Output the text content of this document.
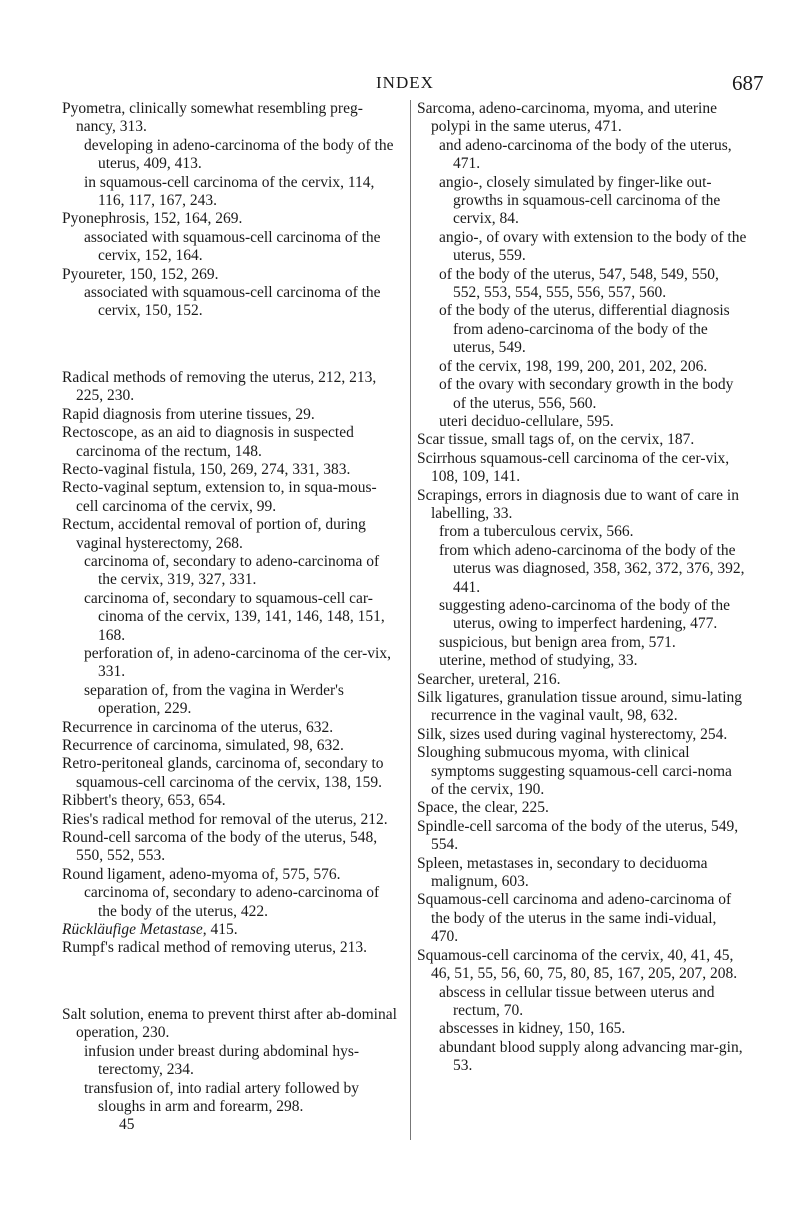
INDEX	687

Pyometra, clinically somewhat resembling preg-nancy, 313.

developing in adeno-carcinoma of the body of the uterus, 409, 413.

in squamous-cell carcinoma of the cervix, 114, 116, 117, 167, 243.

Pyonephrosis, 152, 164, 269.

associated with squamous-cell carcinoma of the cervix, 152, 164.

Pyoureter, 150, 152, 269.

associated with squamous-cell carcinoma of the cervix, 150, 152.

Radical methods of removing the uterus, 212, 213, 225, 230.

Rapid diagnosis from uterine tissues, 29.

Rectoscope, as an aid to diagnosis in suspected carcinoma of the rectum, 148.

Recto-vaginal fistula, 150, 269, 274, 331, 383.

Recto-vaginal septum, extension to, in squa-mous-cell carcinoma of the cervix, 99.

Rectum, accidental removal of portion of, during vaginal hysterectomy, 268.

carcinoma of, secondary to adeno-carcinoma of the cervix, 319, 327, 331.

carcinoma of, secondary to squamous-cell car-cinoma of the cervix, 139, 141, 146, 148, 151, 168.

perforation of, in adeno-carcinoma of the cer-vix, 331.

separation of, from the vagina in Werder's operation, 229.

Recurrence in carcinoma of the uterus, 632.

Recurrence of carcinoma, simulated, 98, 632.

Retro-peritoneal glands, carcinoma of, secondary to squamous-cell carcinoma of the cervix, 138, 159.

Ribbert's theory, 653, 654.

Ries's radical method for removal of the uterus, 212.

Round-cell sarcoma of the body of the uterus, 548, 550, 552, 553.

Round ligament, adeno-myoma of, 575, 576.

carcinoma of, secondary to adeno-carcinoma of the body of the uterus, 422.

Rückläufige Metastase, 415.

Rumpf's radical method of removing uterus, 213.

Salt solution, enema to prevent thirst after ab-dominal operation, 230.

infusion under breast during abdominal hys-terectomy, 234.

transfusion of, into radial artery followed by sloughs in arm and forearm, 298.

45

Sarcoma, adeno-carcinoma, myoma, and uterine polypi in the same uterus, 471.

and adeno-carcinoma of the body of the uterus, 471.

angio-, closely simulated by finger-like out-growths in squamous-cell carcinoma of the cervix, 84.

angio-, of ovary with extension to the body of the uterus, 559.

of the body of the uterus, 547, 548, 549, 550, 552, 553, 554, 555, 556, 557, 560.

of the body of the uterus, differential diagnosis from adeno-carcinoma of the body of the uterus, 549.

of the cervix, 198, 199, 200, 201, 202, 206.

of the ovary with secondary growth in the body of the uterus, 556, 560.

uteri deciduo-cellulare, 595.

Scar tissue, small tags of, on the cervix, 187.

Scirrhous squamous-cell carcinoma of the cer-vix, 108, 109, 141.

Scrapings, errors in diagnosis due to want of care in labelling, 33.

from a tuberculous cervix, 566.

from which adeno-carcinoma of the body of the uterus was diagnosed, 358, 362, 372, 376, 392, 441.

suggesting adeno-carcinoma of the body of the uterus, owing to imperfect hardening, 477.

suspicious, but benign area from, 571.

uterine, method of studying, 33.

Searcher, ureteral, 216.

Silk ligatures, granulation tissue around, simu-lating recurrence in the vaginal vault, 98, 632.

Silk, sizes used during vaginal hysterectomy, 254.

Sloughing submucous myoma, with clinical symptoms suggesting squamous-cell carci-noma of the cervix, 190.

Space, the clear, 225.

Spindle-cell sarcoma of the body of the uterus, 549, 554.

Spleen, metastases in, secondary to deciduoma malignum, 603.

Squamous-cell carcinoma and adeno-carcinoma of the body of the uterus in the same indi-vidual, 470.

Squamous-cell carcinoma of the cervix, 40, 41, 45, 46, 51, 55, 56, 60, 75, 80, 85, 167, 205, 207, 208.

abscess in cellular tissue between uterus and rectum, 70.

abscesses in kidney, 150, 165.

abundant blood supply along advancing mar-gin, 53.
